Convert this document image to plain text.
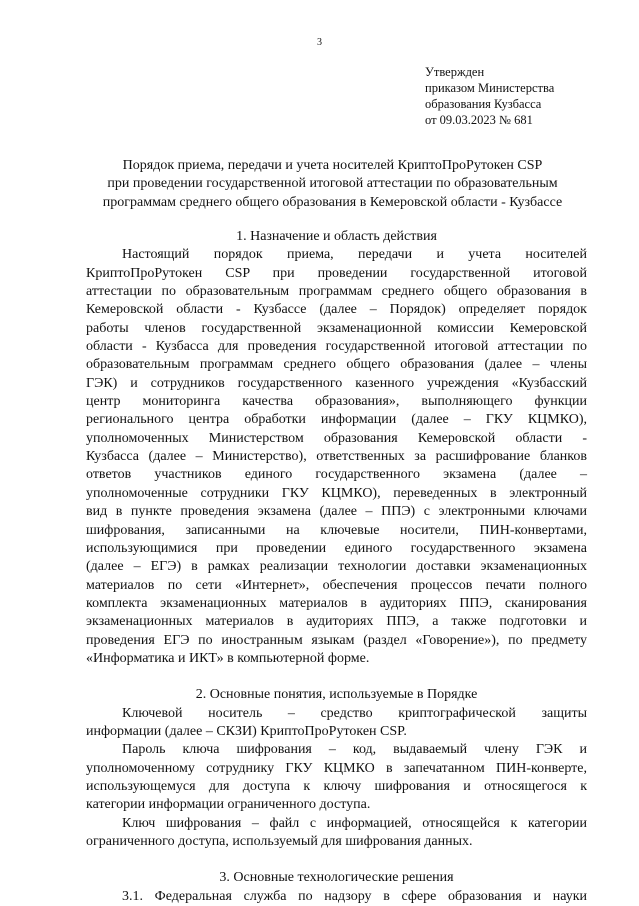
3
Утвержден
приказом Министерства
образования Кузбасса
от 09.03.2023 № 681
Порядок приема, передачи и учета носителей КриптоПроРутокен CSP
при проведении государственной итоговой аттестации по образовательным
программам среднего общего образования в Кемеровской области - Кузбассе
1. Назначение и область действия
Настоящий порядок приема, передачи и учета носителей
КриптоПроРутокен CSP при проведении государственной итоговой
аттестации по образовательным программам среднего общего образования в
Кемеровской области - Кузбассе (далее – Порядок) определяет порядок
работы членов государственной экзаменационной комиссии Кемеровской
области - Кузбасса для проведения государственной итоговой аттестации по
образовательным программам среднего общего образования (далее – члены
ГЭК) и сотрудников государственного казенного учреждения «Кузбасский
центр мониторинга качества образования», выполняющего функции
регионального центра обработки информации (далее – ГКУ КЦМКО),
уполномоченных Министерством образования Кемеровской области -
Кузбасса (далее – Министерство), ответственных за расшифрование бланков
ответов участников единого государственного экзамена (далее –
уполномоченные сотрудники ГКУ КЦМКО), переведенных в электронный
вид в пункте проведения экзамена (далее – ППЭ) с электронными ключами
шифрования, записанными на ключевые носители, ПИН-конвертами,
использующимися при проведении единого государственного экзамена
(далее – ЕГЭ) в рамках реализации технологии доставки экзаменационных
материалов по сети «Интернет», обеспечения процессов печати полного
комплекта экзаменационных материалов в аудиториях ППЭ, сканирования
экзаменационных материалов в аудиториях ППЭ, а также подготовки и
проведения ЕГЭ по иностранным языкам (раздел «Говорение»), по предмету
«Информатика и ИКТ» в компьютерной форме.
2. Основные понятия, используемые в Порядке
Ключевой носитель – средство криптографической защиты
информации (далее – СКЗИ) КриптоПроРутокен CSP.
Пароль ключа шифрования – код, выдаваемый члену ГЭК и
уполномоченному сотруднику ГКУ КЦМКО в запечатанном ПИН-конверте,
использующемуся для доступа к ключу шифрования и относящегося к
категории информации ограниченного доступа.
Ключ шифрования – файл с информацией, относящейся к категории
ограниченного доступа, используемый для шифрования данных.
3. Основные технологические решения
3.1. Федеральная служба по надзору в сфере образования и науки
